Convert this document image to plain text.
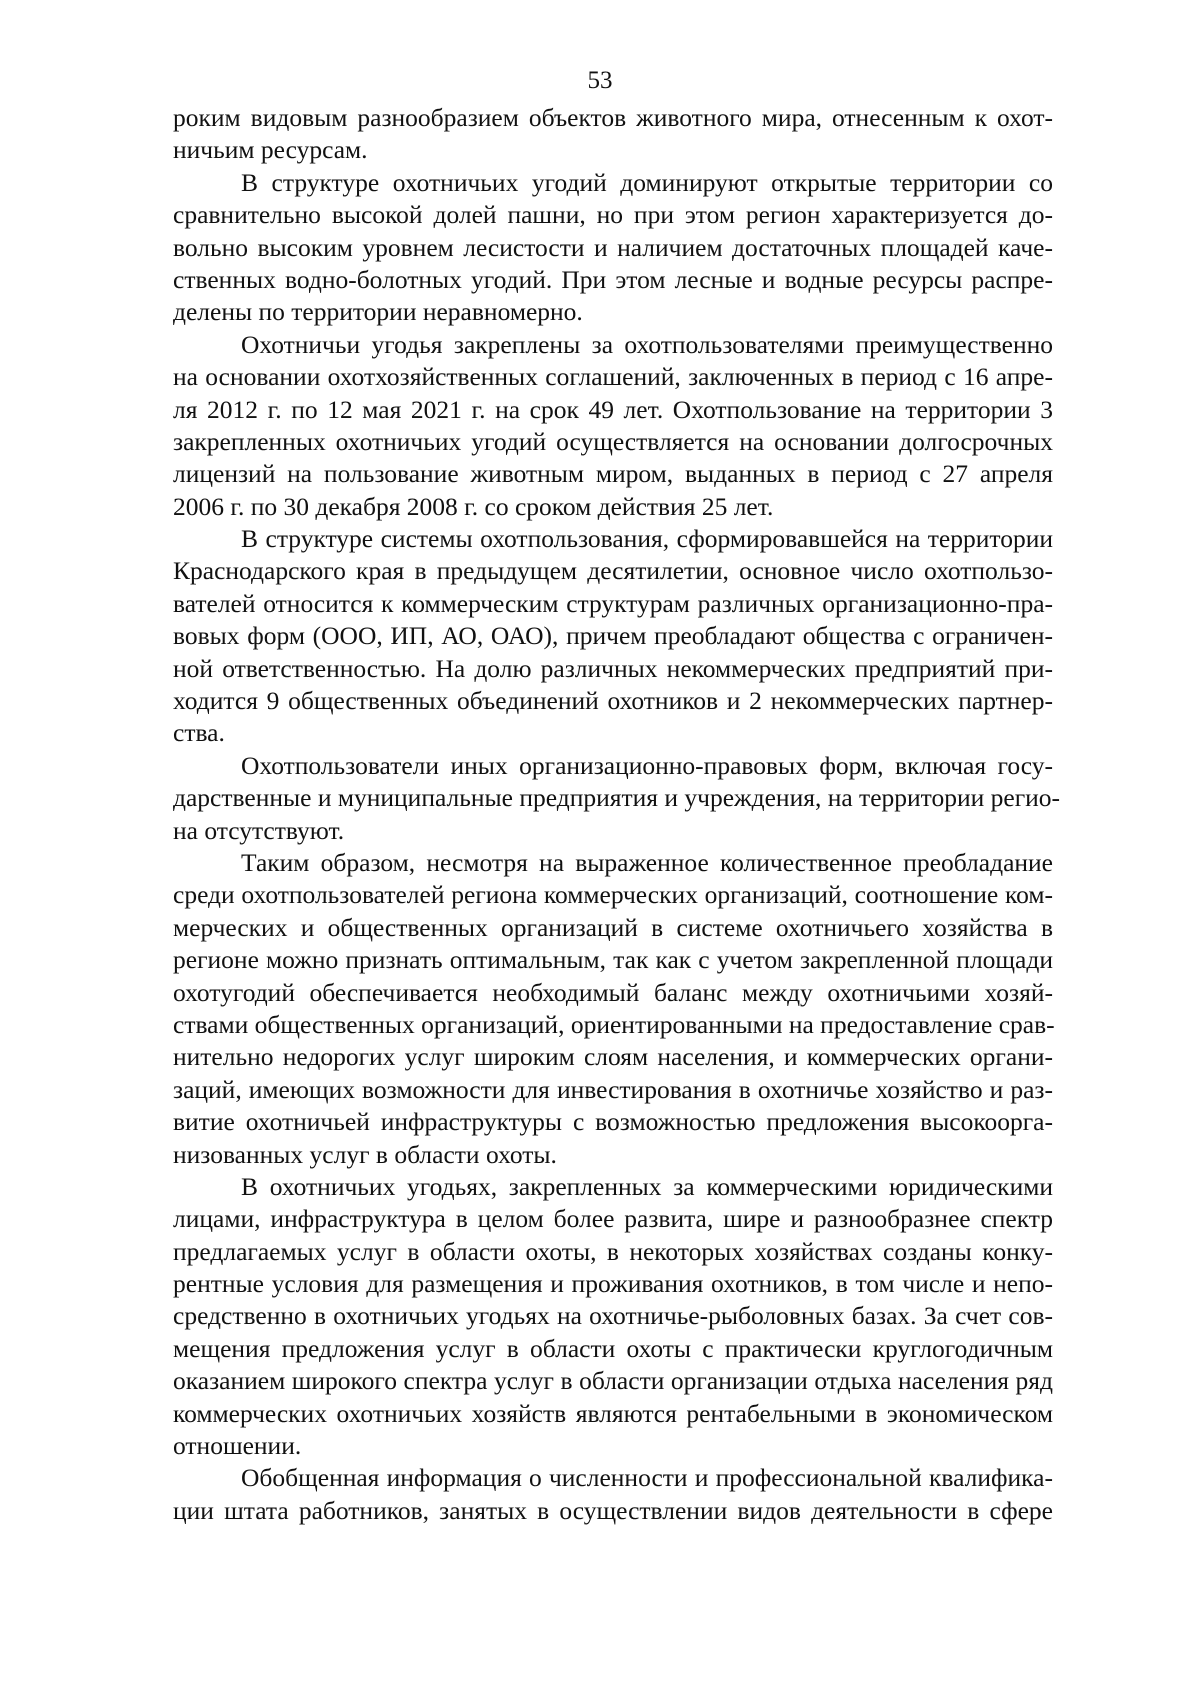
53
роким видовым разнообразием объектов животного мира, отнесенным к охот-
ничьим ресурсам.
В структуре охотничьих угодий доминируют открытые территории со
сравнительно высокой долей пашни, но при этом регион характеризуется до-
вольно высоким уровнем лесистости и наличием достаточных площадей каче-
ственных водно-болотных угодий. При этом лесные и водные ресурсы распре-
делены по территории неравномерно.
Охотничьи угодья закреплены за охотпользователями преимущественно
на основании охотхозяйственных соглашений, заключенных в период с 16 апре-
ля 2012 г. по 12 мая 2021 г. на срок 49 лет. Охотпользование на территории 3
закрепленных охотничьих угодий осуществляется на основании долгосрочных
лицензий на пользование животным миром, выданных в период с 27 апреля
2006 г. по 30 декабря 2008 г. со сроком действия 25 лет.
В структуре системы охотпользования, сформировавшейся на территории
Краснодарского края в предыдущем десятилетии, основное число охотпользо-
вателей относится к коммерческим структурам различных организационно-пра-
вовых форм (ООО, ИП, АО, ОАО), причем преобладают общества с ограничен-
ной ответственностью. На долю различных некоммерческих предприятий при-
ходится 9 общественных объединений охотников и 2 некоммерческих партнер-
ства.
Охотпользователи иных организационно-правовых форм, включая госу-
дарственные и муниципальные предприятия и учреждения, на территории регио-
на отсутствуют.
Таким образом, несмотря на выраженное количественное преобладание
среди охотпользователей региона коммерческих организаций, соотношение ком-
мерческих и общественных организаций в системе охотничьего хозяйства в
регионе можно признать оптимальным, так как с учетом закрепленной площади
охотугодий обеспечивается необходимый баланс между охотничьими хозяй-
ствами общественных организаций, ориентированными на предоставление срав-
нительно недорогих услуг широким слоям населения, и коммерческих органи-
заций, имеющих возможности для инвестирования в охотничье хозяйство и раз-
витие охотничьей инфраструктуры с возможностью предложения высокоорга-
низованных услуг в области охоты.
В охотничьих угодьях, закрепленных за коммерческими юридическими
лицами, инфраструктура в целом более развита, шире и разнообразнее спектр
предлагаемых услуг в области охоты, в некоторых хозяйствах созданы конку-
рентные условия для размещения и проживания охотников, в том числе и непо-
средственно в охотничьих угодьях на охотничье-рыболовных базах. За счет сов-
мещения предложения услуг в области охоты с практически круглогодичным
оказанием широкого спектра услуг в области организации отдыха населения ряд
коммерческих охотничьих хозяйств являются рентабельными в экономическом
отношении.
Обобщенная информация о численности и профессиональной квалифика-
ции штата работников, занятых в осуществлении видов деятельности в сфере
